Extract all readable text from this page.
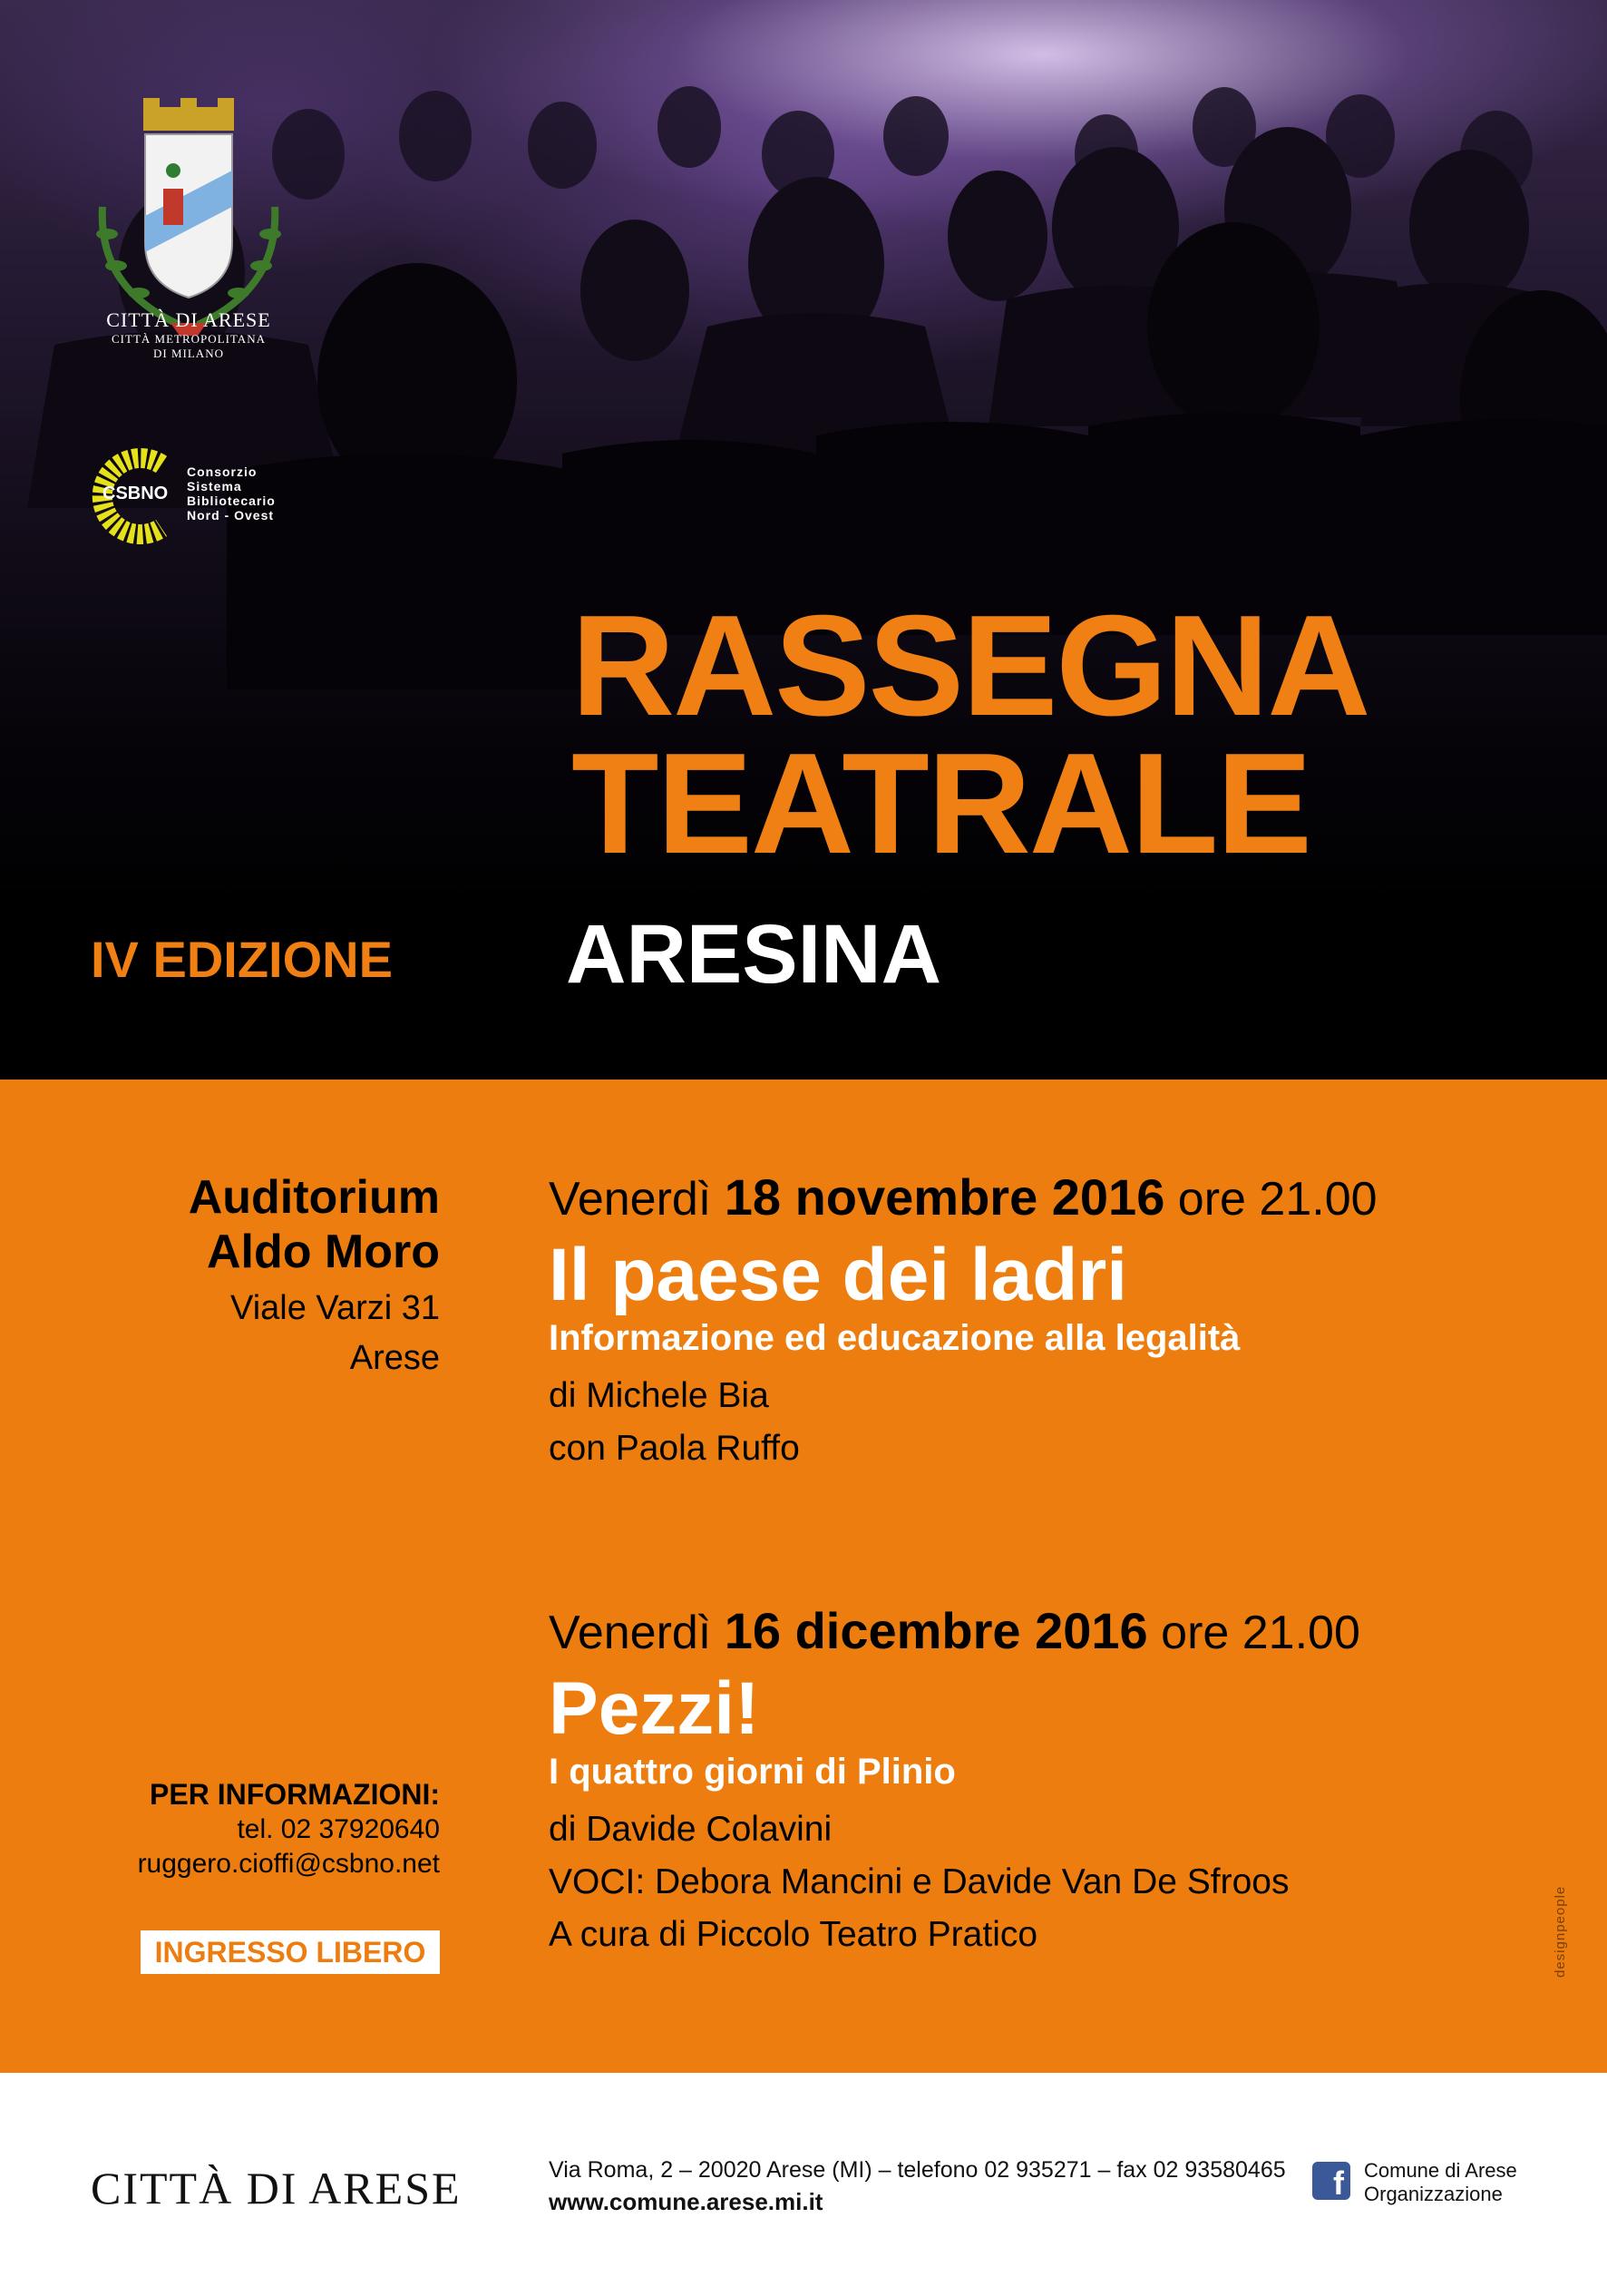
CITTÀ DI ARESE
CITTÀ METROPOLITANA
DI MILANO
CSBNO
Consorzio
Sistema
Bibliotecario
Nord - Ovest
RASSEGNA
TEATRALE
IV EDIZIONE ARESINA
Auditorium
Aldo Moro
Viale Varzi 31
Arese
Venerdì 18 novembre 2016 ore 21.00
Il paese dei ladri
Informazione ed educazione alla legalità
di Michele Bia
con Paola Ruffo
Venerdì 16 dicembre 2016 ore 21.00
Pezzi!
I quattro giorni di Plinio
di Davide Colavini
VOCI: Debora Mancini e Davide Van De Sfroos
A cura di Piccolo Teatro Pratico
PER INFORMAZIONI:
tel. 02 37920640
ruggero.cioffi@csbno.net
INGRESSO LIBERO	designpeople
CITTÀ DI ARESE	Via Roma, 2 – 20020 Arese (MI) – telefono 02 935271 – fax 02 93580465
www.comune.arese.mi.it	f	Comune di Arese
Organizzazione
